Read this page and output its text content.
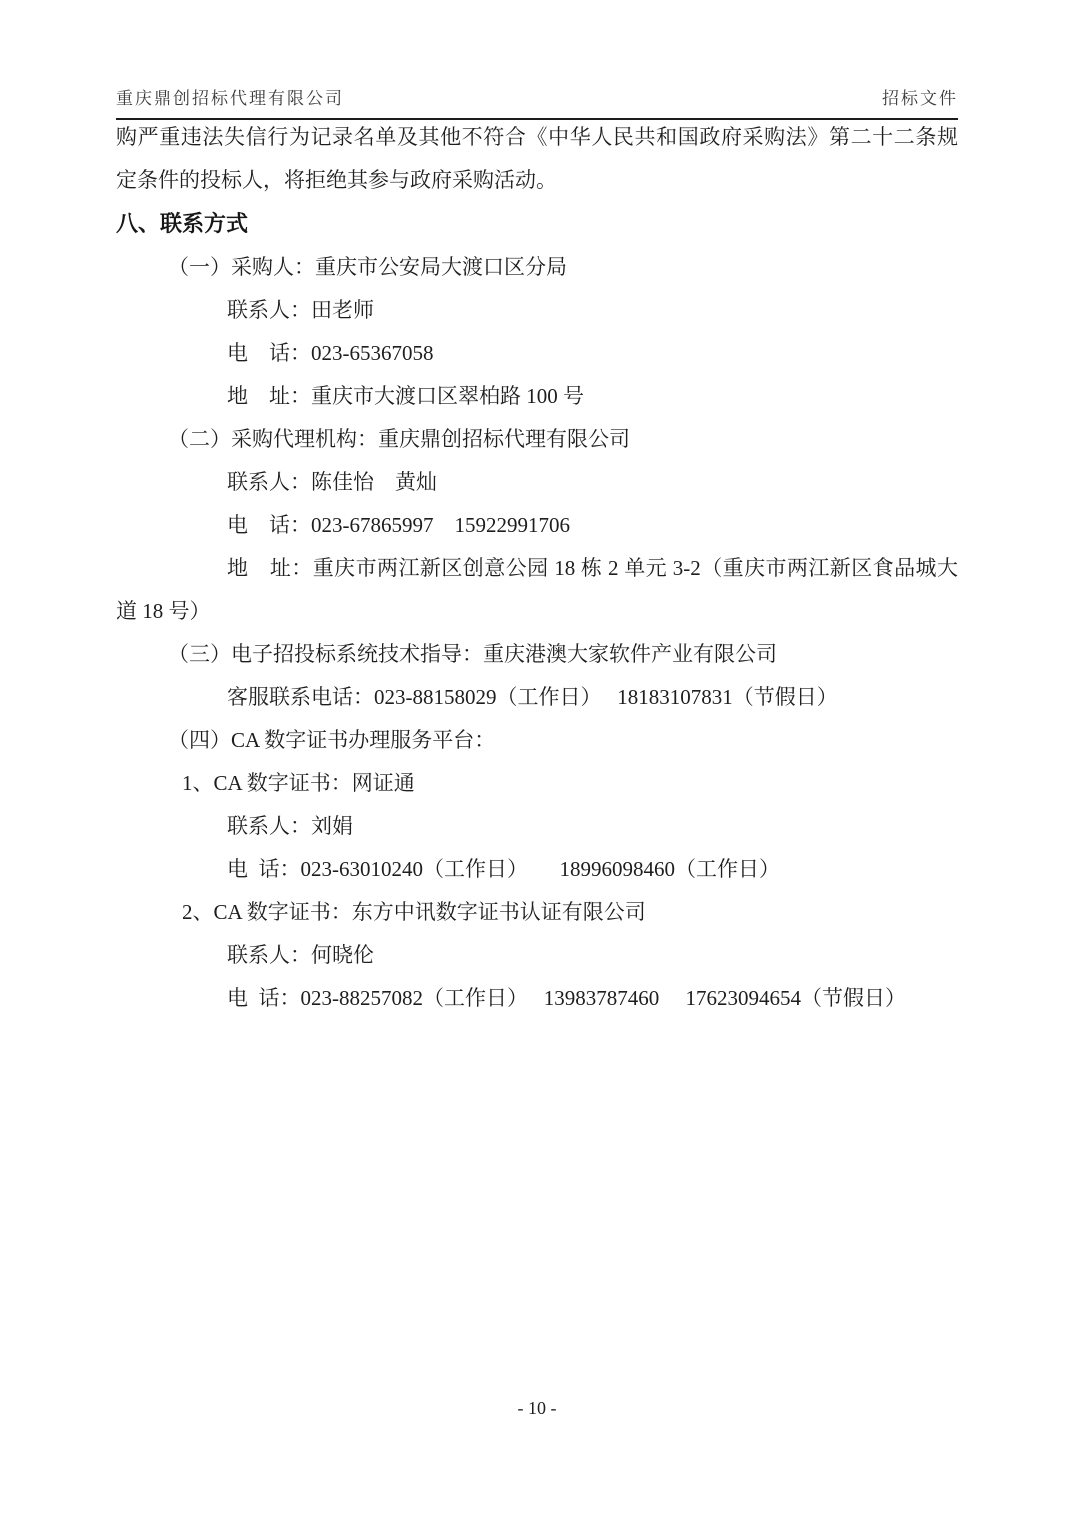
重庆鼎创招标代理有限公司	招标文件
购严重违法失信行为记录名单及其他不符合《中华人民共和国政府采购法》第二十二条规
定条件的投标人，将拒绝其参与政府采购活动。
八、联系方式
（一）采购人：重庆市公安局大渡口区分局
联系人：田老师
电　话：023-65367058
地　址：重庆市大渡口区翠柏路 100 号
（二）采购代理机构：重庆鼎创招标代理有限公司
联系人：陈佳怡　黄灿
电　话：023-67865997　15922991706
地　址：重庆市两江新区创意公园 18 栋 2 单元 3-2（重庆市两江新区食品城大
道 18 号）
（三）电子招投标系统技术指导：重庆港澳大家软件产业有限公司
客服联系电话：023-88158029（工作日）　 18183107831（节假日）
（四）CA 数字证书办理服务平台：
1、CA 数字证书：网证通
联系人：刘娟
电  话：023-63010240（工作日）　　18996098460（工作日）
2、CA 数字证书：东方中讯数字证书认证有限公司
联系人：何晓伦
电  话：023-88257082（工作日）　 13983787460　 17623094654（节假日）
- 10 -
